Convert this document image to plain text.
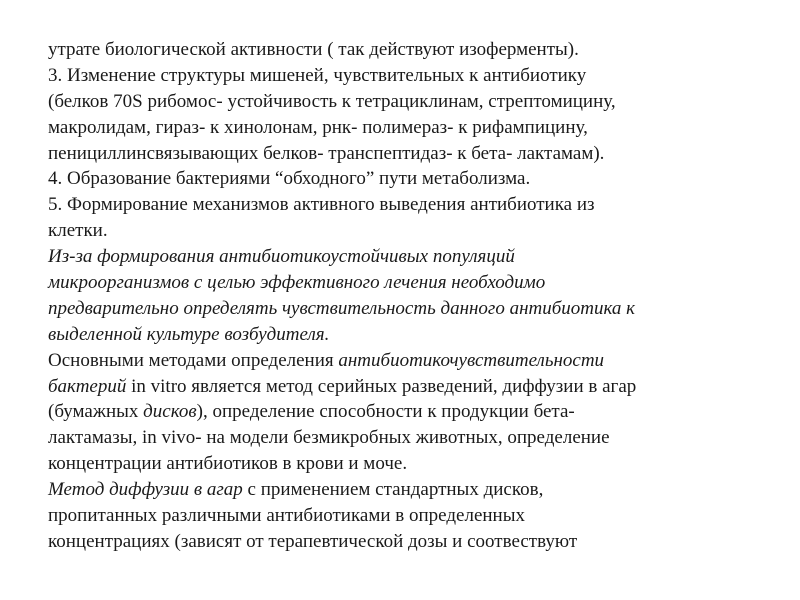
утрате биологической активности ( так действуют изоферменты).
3. Изменение структуры мишеней, чувствительных к антибиотику
(белков 70S рибомос- устойчивость к тетрациклинам, стрептомицину,
макролидам, гираз- к хинолонам, рнк- полимераз- к рифампицину,
пенициллинсвязывающих белков- транспептидаз- к бета- лактамам).
4. Образование бактериями “обходного” пути метаболизма.
5. Формирование механизмов активного выведения антибиотика из
клетки.
Из-за формирования антибиотикоустойчивых популяций
микроорганизмов с целью эффективного лечения необходимо
предварительно определять чувствительность данного антибиотика к
выделенной культуре возбудителя.
Основными методами определения антибиотикочувствительности
бактерий in vitro является метод серийных разведений, диффузии в агар
(бумажных дисков), определение способности к продукции бета-
лактамазы, in vivo- на модели безмикробных животных, определение
концентрации антибиотиков в крови и моче.
Метод диффузии в агар с применением стандартных дисков,
пропитанных различными антибиотиками в определенных
концентрациях (зависят от терапевтической дозы и соотвествуют
